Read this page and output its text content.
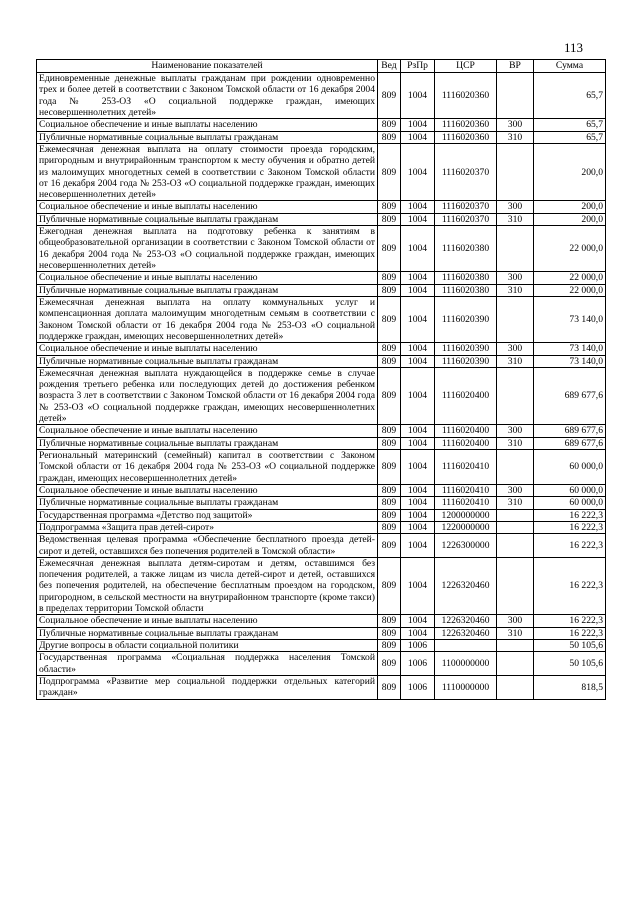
113
Наименование показателей	Вед	РзПр	ЦСР	ВР	Сумма
Единовременные денежные выплаты гражданам при рождении одновременно трех и более детей в соответствии с Законом Томской области от 16 декабря 2004 года № 253-ОЗ «О социальной поддержке граждан, имеющих несовершеннолетних детей»	809	1004	1116020360		65,7
Социальное обеспечение и иные выплаты населению	809	1004	1116020360	300	65,7
Публичные нормативные социальные выплаты гражданам	809	1004	1116020360	310	65,7
Ежемесячная денежная выплата на оплату стоимости проезда городским, пригородным и внутрирайонным транспортом к месту обучения и обратно детей из малоимущих многодетных семей в соответствии с Законом Томской области от 16 декабря 2004 года № 253-ОЗ «О социальной поддержке граждан, имеющих несовершеннолетних детей»	809	1004	1116020370		200,0
Социальное обеспечение и иные выплаты населению	809	1004	1116020370	300	200,0
Публичные нормативные социальные выплаты гражданам	809	1004	1116020370	310	200,0
Ежегодная денежная выплата на подготовку ребенка к занятиям в общеобразовательной организации в соответствии с Законом Томской области от 16 декабря 2004 года № 253-ОЗ «О социальной поддержке граждан, имеющих несовершеннолетних детей»	809	1004	1116020380		22 000,0
Социальное обеспечение и иные выплаты населению	809	1004	1116020380	300	22 000,0
Публичные нормативные социальные выплаты гражданам	809	1004	1116020380	310	22 000,0
Ежемесячная денежная выплата на оплату коммунальных услуг и компенсационная доплата малоимущим многодетным семьям в соответствии с Законом Томской области от 16 декабря 2004 года № 253-ОЗ «О социальной поддержке граждан, имеющих несовершеннолетних детей»	809	1004	1116020390		73 140,0
Социальное обеспечение и иные выплаты населению	809	1004	1116020390	300	73 140,0
Публичные нормативные социальные выплаты гражданам	809	1004	1116020390	310	73 140,0
Ежемесячная денежная выплата нуждающейся в поддержке семье в случае рождения третьего ребенка или последующих детей до достижения ребенком возраста 3 лет в соответствии с Законом Томской области от 16 декабря 2004 года № 253-ОЗ «О социальной поддержке граждан, имеющих несовершеннолетних детей»	809	1004	1116020400		689 677,6
Социальное обеспечение и иные выплаты населению	809	1004	1116020400	300	689 677,6
Публичные нормативные социальные выплаты гражданам	809	1004	1116020400	310	689 677,6
Региональный материнский (семейный) капитал в соответствии с Законом Томской области от 16 декабря 2004 года № 253-ОЗ «О социальной поддержке граждан, имеющих несовершеннолетних детей»	809	1004	1116020410		60 000,0
Социальное обеспечение и иные выплаты населению	809	1004	1116020410	300	60 000,0
Публичные нормативные социальные выплаты гражданам	809	1004	1116020410	310	60 000,0
Государственная программа «Детство под защитой»	809	1004	1200000000		16 222,3
Подпрограмма «Защита прав детей-сирот»	809	1004	1220000000		16 222,3
Ведомственная целевая программа «Обеспечение бесплатного проезда детей-сирот и детей, оставшихся без попечения родителей в Томской области»	809	1004	1226300000		16 222,3
Ежемесячная денежная выплата детям-сиротам и детям, оставшимся без попечения родителей, а также лицам из числа детей-сирот и детей, оставшихся без попечения родителей, на обеспечение бесплатным проездом на городском, пригородном, в сельской местности на внутрирайонном транспорте (кроме такси) в пределах территории Томской области	809	1004	1226320460		16 222,3
Социальное обеспечение и иные выплаты населению	809	1004	1226320460	300	16 222,3
Публичные нормативные социальные выплаты гражданам	809	1004	1226320460	310	16 222,3
Другие вопросы в области социальной политики	809	1006			50 105,6
Государственная программа «Социальная поддержка населения Томской области»	809	1006	1100000000		50 105,6
Подпрограмма «Развитие мер социальной поддержки отдельных категорий граждан»	809	1006	1110000000		818,5
